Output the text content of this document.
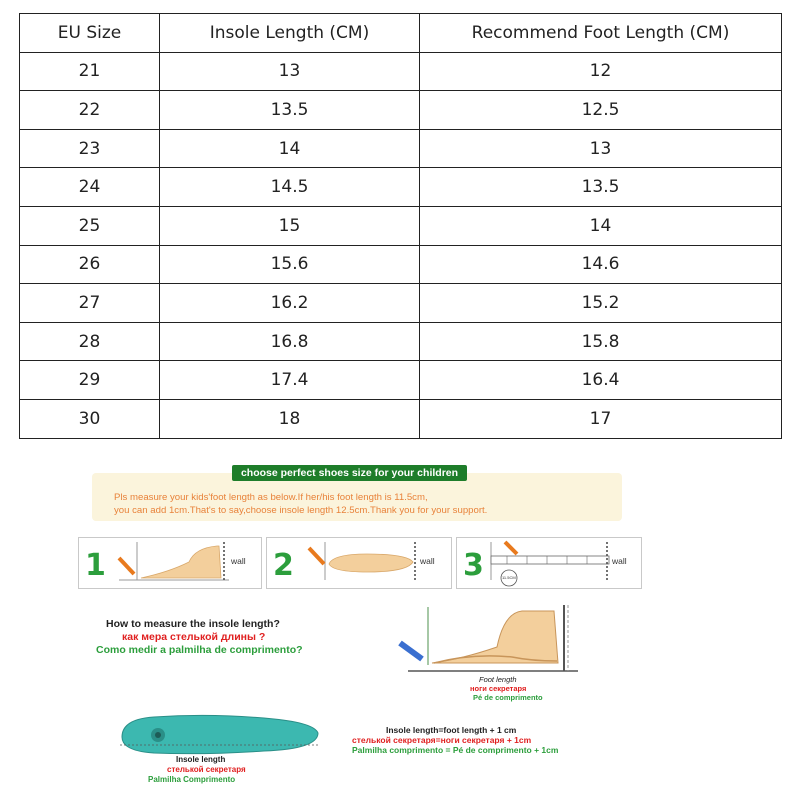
EU Size	Insole Length (CM)	Recommend Foot Length (CM)
21	13	12
22	13.5	12.5
23	14	13
24	14.5	13.5
25	15	14
26	15.6	14.6
27	16.2	15.2
28	16.8	15.8
29	17.4	16.4
30	18	17
choose perfect shoes size for your children
Pls measure your kids'foot length as below.If her/his foot length is 11.5cm,
you can add 1cm.That's to say,choose insole length 12.5cm.Thank you for your support.
1	wall 2	wall 3	11.5CM
wall
How to measure the insole length?
как мера стелькой длины ?
Como medir a palmilha de comprimento?
Foot length
ноги секретаря
Pé de comprimento
Insole length
стелькой секретаря
Palmilha Comprimento
Insole length=foot length + 1 cm
стелькой секретаря=ноги секретаря + 1cm
Palmilha comprimento = Pé de comprimento + 1cm
